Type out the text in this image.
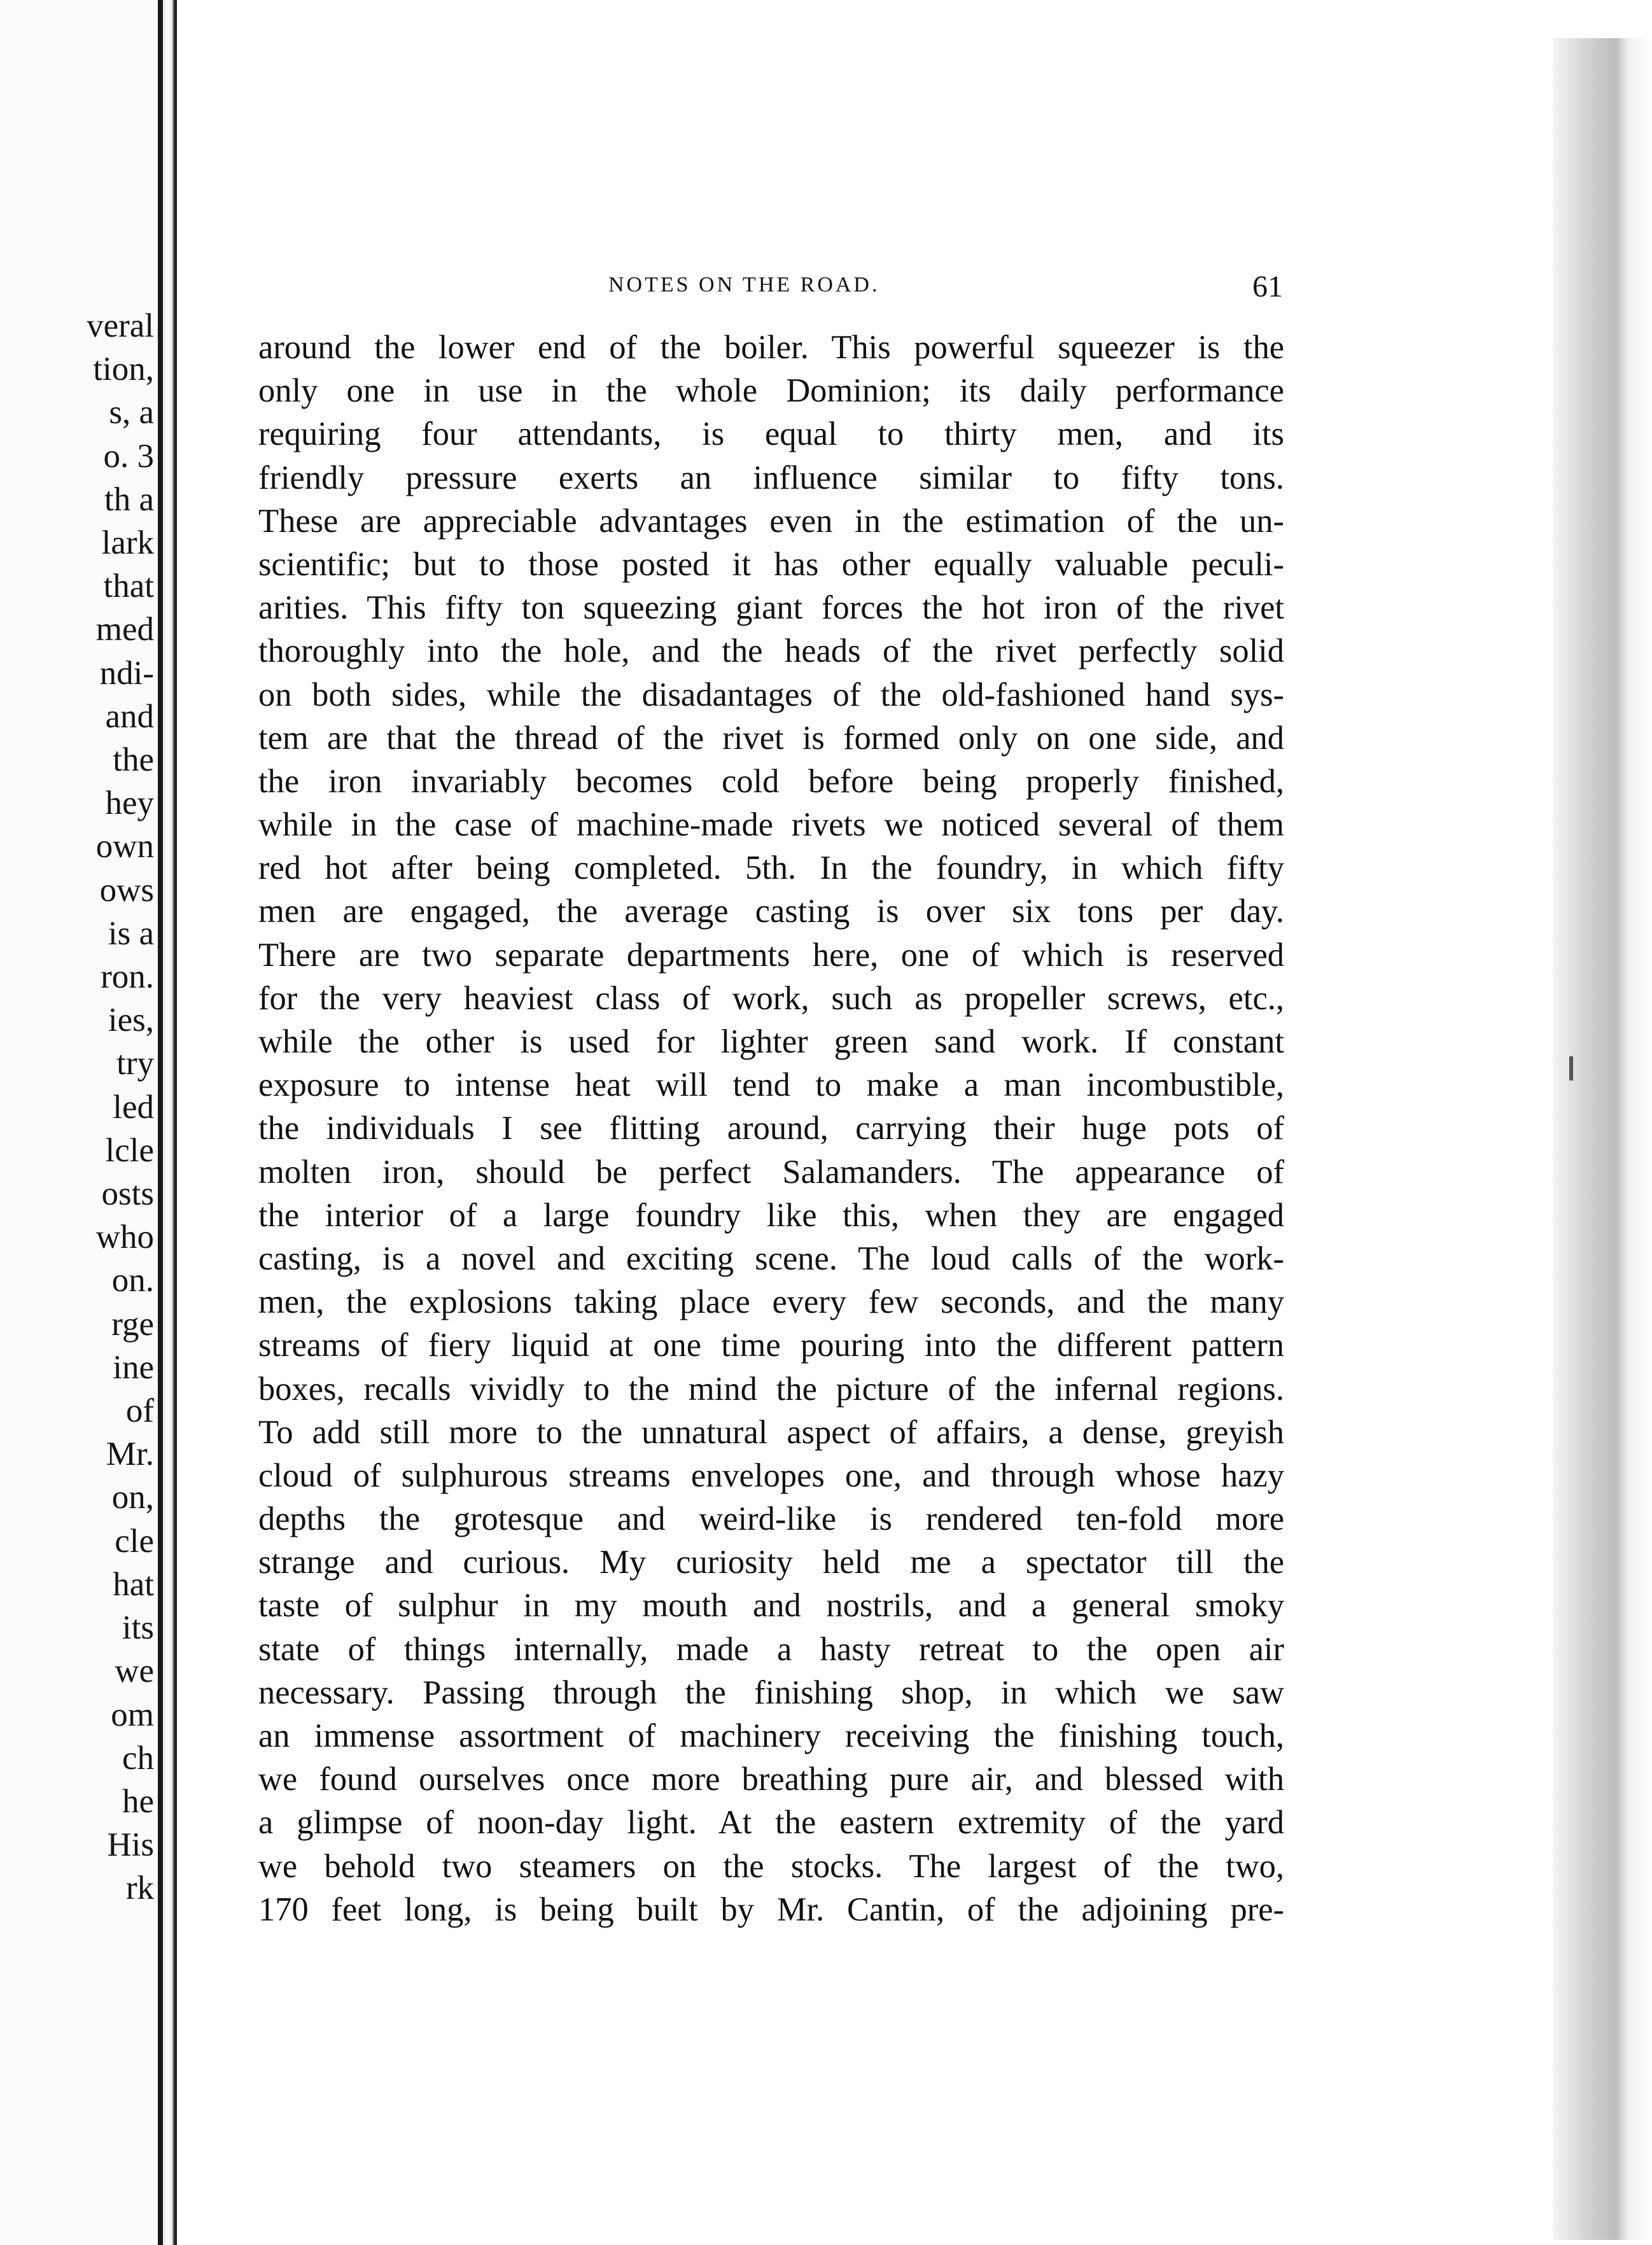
veral
tion,
s, a
o. 3
th a
lark
that
med
ndi-
and
the
hey
own
ows
is a
ron.
ies,
try
led
lcle
osts
who
on.
rge
ine
of
Mr.
on,
cle
hat
its
we
om
ch
he
His
rk
NOTES ON THE ROAD.	61
around the lower end of the boiler. This powerful squeezer is the
only one in use in the whole Dominion; its daily performance
requiring four attendants, is equal to thirty men, and its
friendly pressure exerts an influence similar to fifty tons.
These are appreciable advantages even in the estimation of the un-
scientific; but to those posted it has other equally valuable peculi-
arities. This fifty ton squeezing giant forces the hot iron of the rivet
thoroughly into the hole, and the heads of the rivet perfectly solid
on both sides, while the disadantages of the old-fashioned hand sys-
tem are that the thread of the rivet is formed only on one side, and
the iron invariably becomes cold before being properly finished,
while in the case of machine-made rivets we noticed several of them
red hot after being completed. 5th. In the foundry, in which fifty
men are engaged, the average casting is over six tons per day.
There are two separate departments here, one of which is reserved
for the very heaviest class of work, such as propeller screws, etc.,
while the other is used for lighter green sand work. If constant
exposure to intense heat will tend to make a man incombustible,
the individuals I see flitting around, carrying their huge pots of
molten iron, should be perfect Salamanders. The appearance of
the interior of a large foundry like this, when they are engaged
casting, is a novel and exciting scene. The loud calls of the work-
men, the explosions taking place every few seconds, and the many
streams of fiery liquid at one time pouring into the different pattern
boxes, recalls vividly to the mind the picture of the infernal regions.
To add still more to the unnatural aspect of affairs, a dense, greyish
cloud of sulphurous streams envelopes one, and through whose hazy
depths the grotesque and weird-like is rendered ten-fold more
strange and curious. My curiosity held me a spectator till the
taste of sulphur in my mouth and nostrils, and a general smoky
state of things internally, made a hasty retreat to the open air
necessary. Passing through the finishing shop, in which we saw
an immense assortment of machinery receiving the finishing touch,
we found ourselves once more breathing pure air, and blessed with
a glimpse of noon-day light. At the eastern extremity of the yard
we behold two steamers on the stocks. The largest of the two,
170 feet long, is being built by Mr. Cantin, of the adjoining pre-
